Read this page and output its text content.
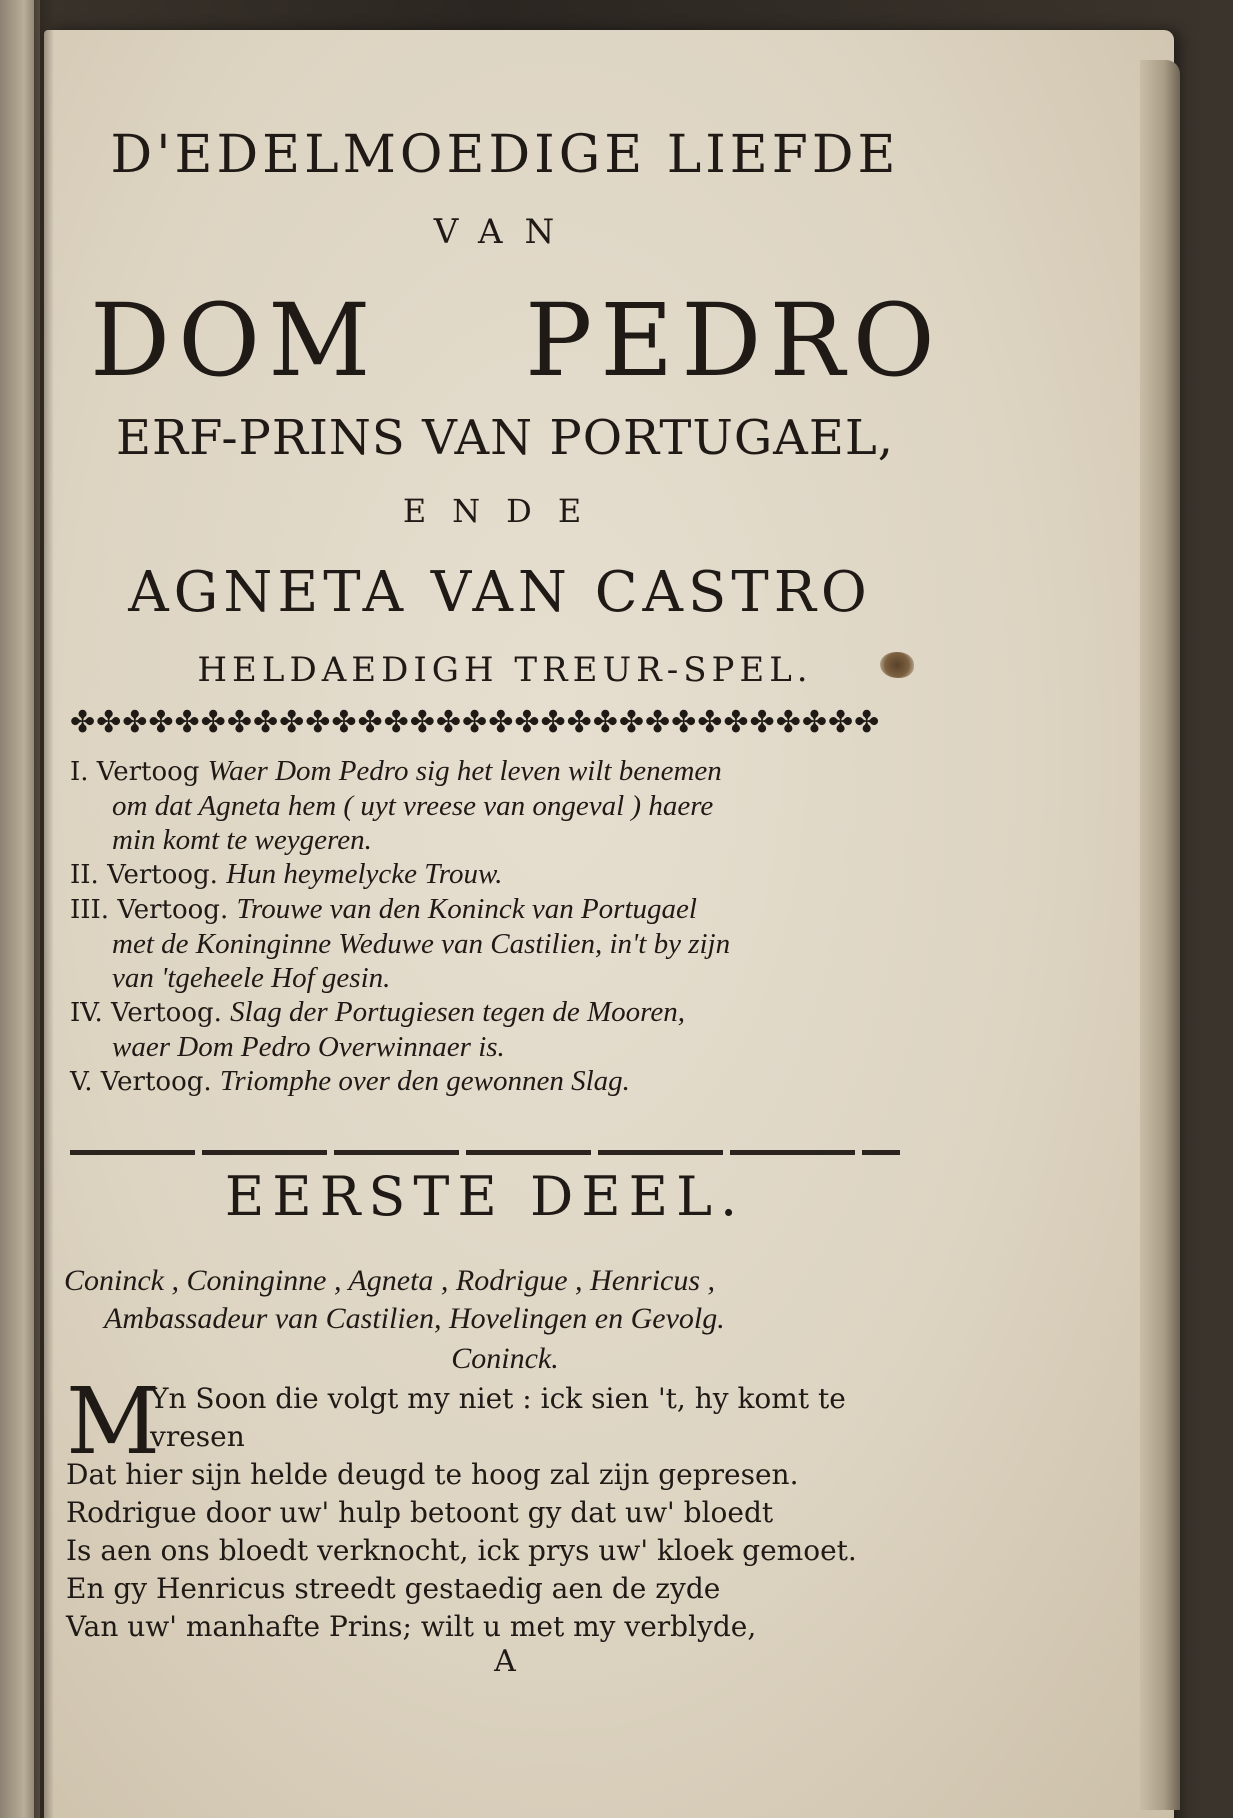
D'EDELMOEDIGE LIEFDE
VAN
DOM PEDRO
ERF-PRINS VAN PORTUGAEL,
ENDE
AGNETA VAN CASTRO
HELDAEDIGH TREUR-SPEL.
✤✤✤✤✤✤✤✤✤✤✤✤✤✤✤✤✤✤✤✤✤✤✤✤✤✤✤✤✤✤✤
I. Vertoog Waer Dom Pedro sig het leven wilt benemen
om dat Agneta hem ( uyt vreese van ongeval ) haere
min komt te weygeren.
II. Vertoog. Hun heymelycke Trouw.
III. Vertoog. Trouwe van den Koninck van Portugael
met de Koninginne Weduwe van Castilien, in't by zijn
van 'tgeheele Hof gesin.
IV. Vertoog. Slag der Portugiesen tegen de Mooren,
waer Dom Pedro Overwinnaer is.
V. Vertoog. Triomphe over den gewonnen Slag.
EERSTE DEEL.
Coninck , Coninginne , Agneta , Rodrigue , Henricus ,
Ambassadeur van Castilien, Hovelingen en Gevolg.
Coninck.
M
Yn Soon die volgt my niet : ick sien 't, hy komt te
vresen
Dat hier sijn helde deugd te hoog zal zijn gepresen.
Rodrigue door uw' hulp betoont gy dat uw' bloedt
Is aen ons bloedt verknocht, ick prys uw' kloek gemoet.
En gy Henricus streedt gestaedig aen de zyde
Van uw' manhafte Prins; wilt u met my verblyde,
A
